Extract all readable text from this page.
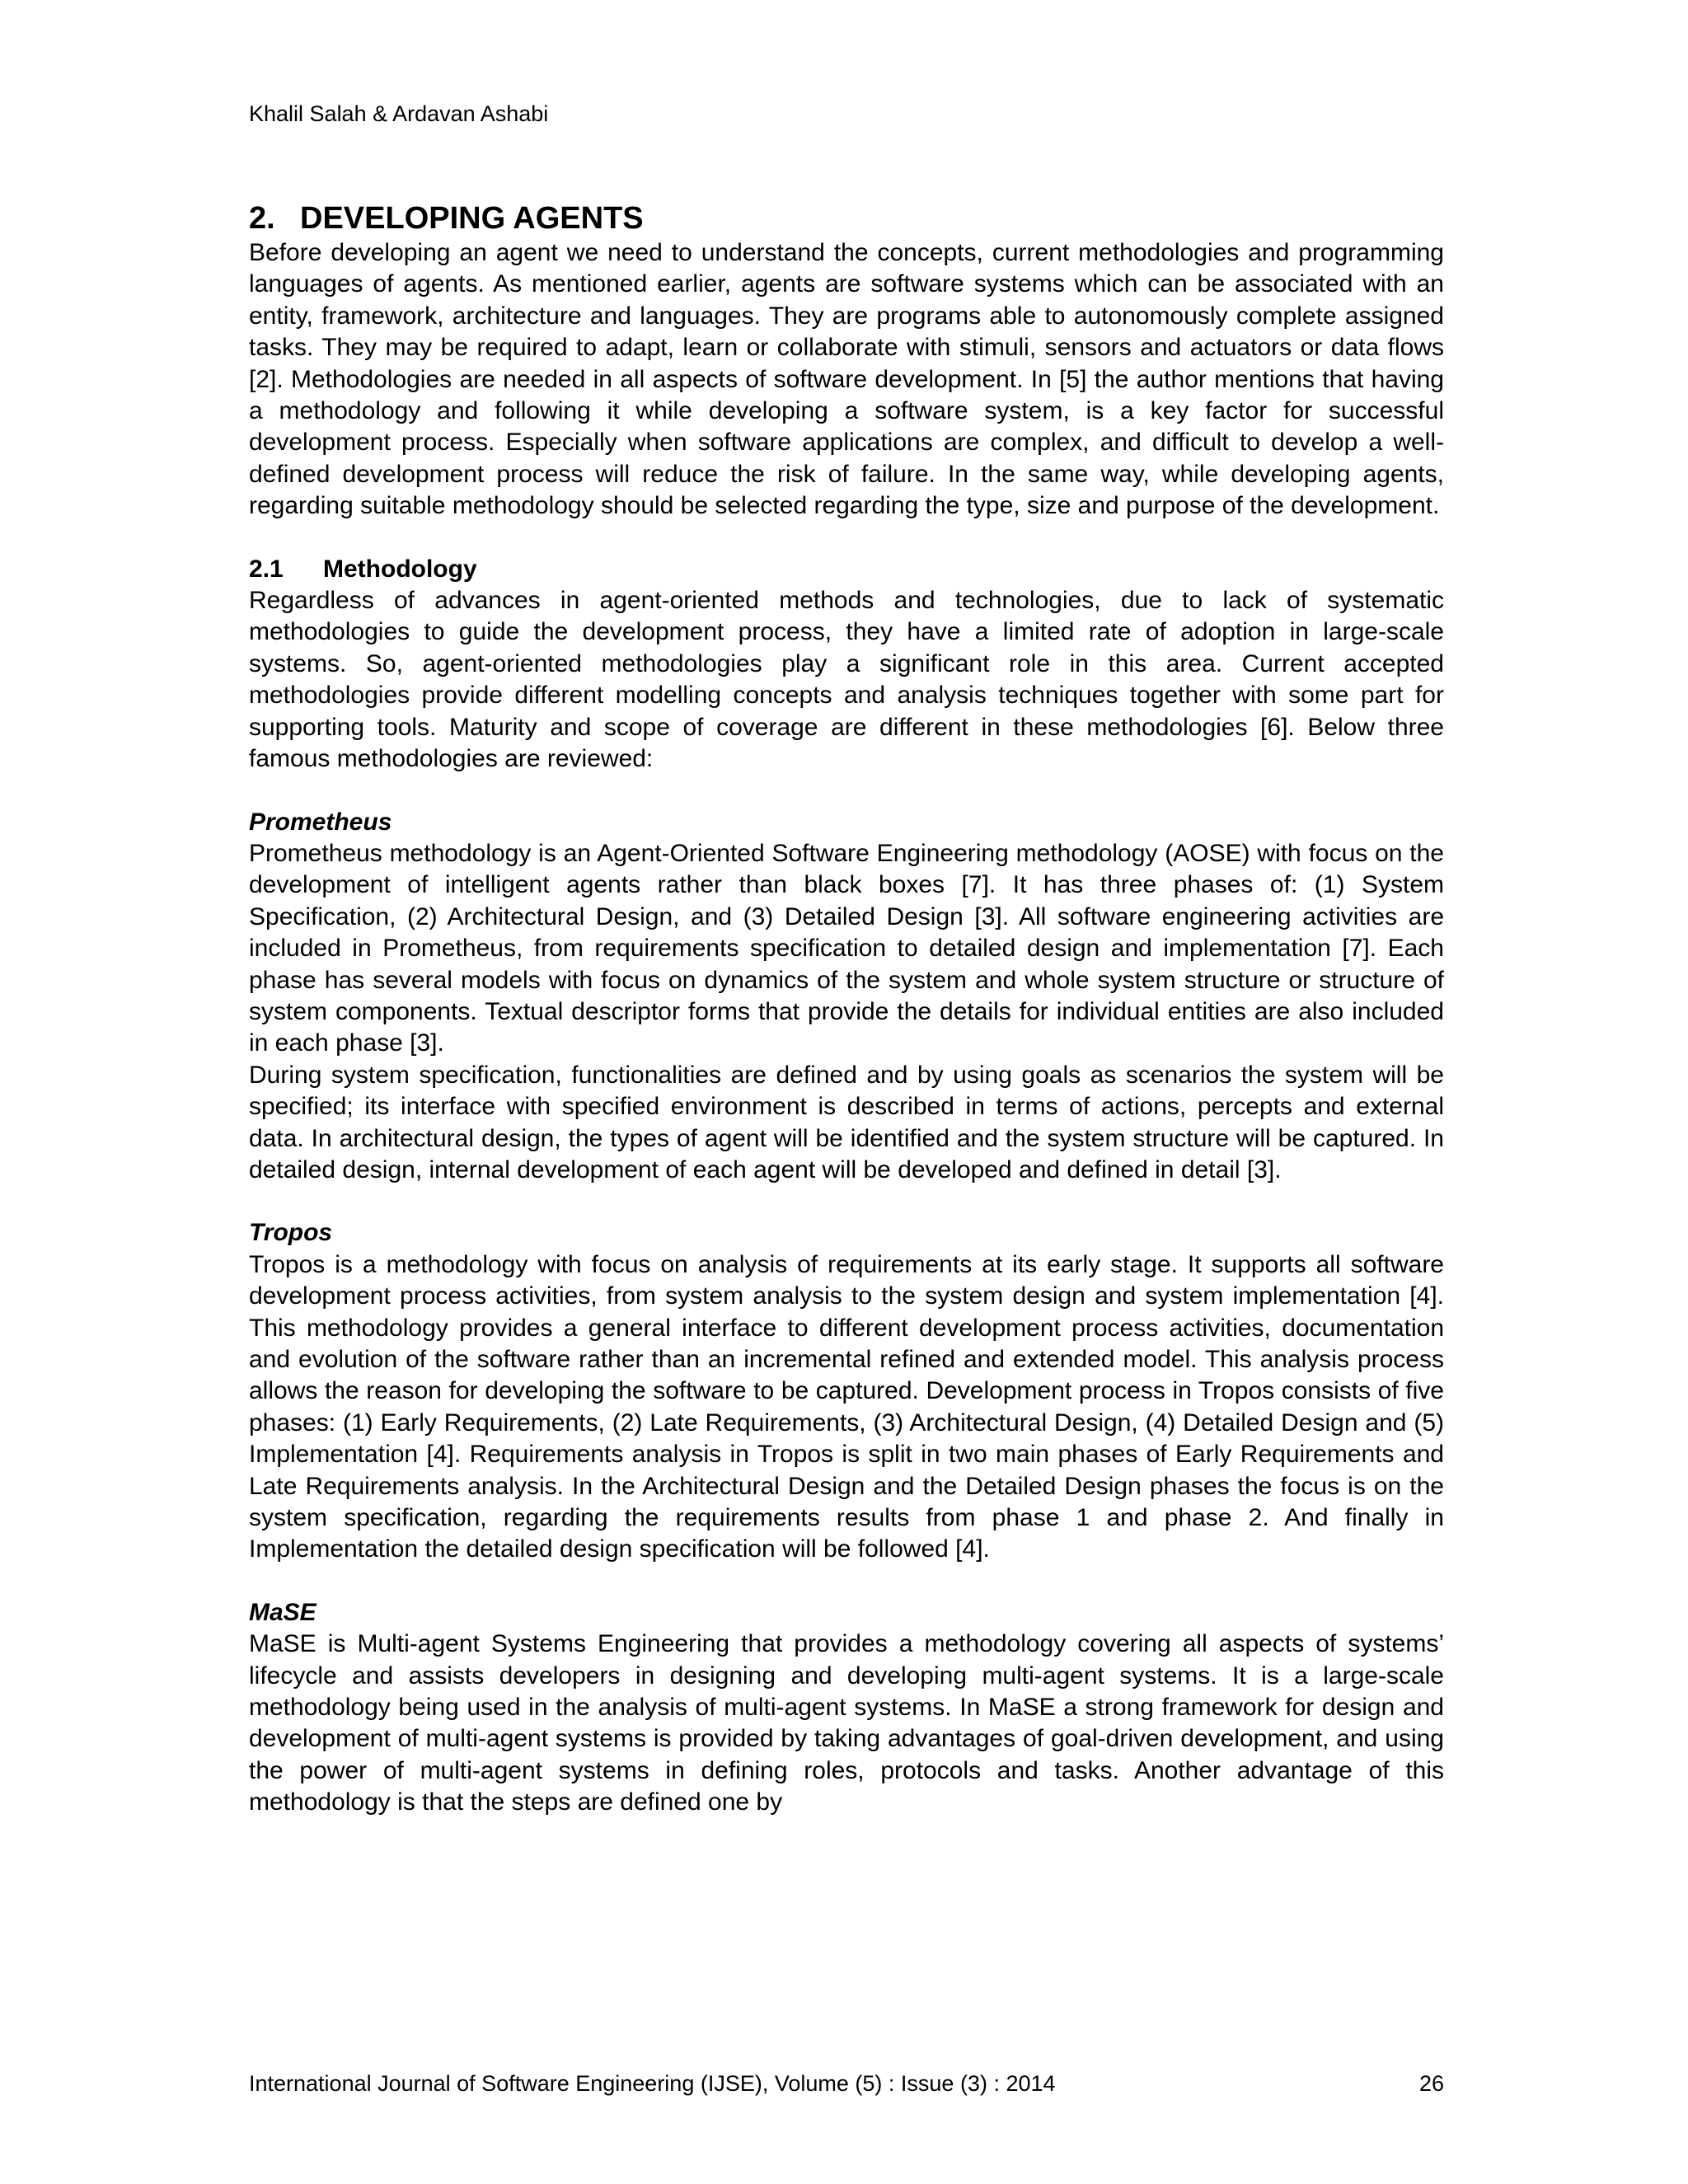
Khalil Salah & Ardavan Ashabi
2. DEVELOPING AGENTS

Before developing an agent we need to understand the concepts, current methodologies and programming languages of agents. As mentioned earlier, agents are software systems which can be associated with an entity, framework, architecture and languages. They are programs able to autonomously complete assigned tasks. They may be required to adapt, learn or collaborate with stimuli, sensors and actuators or data flows [2]. Methodologies are needed in all aspects of software development. In [5] the author mentions that having a methodology and following it while developing a software system, is a key factor for successful development process. Especially when software applications are complex, and difficult to develop a well-defined development process will reduce the risk of failure. In the same way, while developing agents, regarding suitable methodology should be selected regarding the type, size and purpose of the development.

2.1 Methodology

Regardless of advances in agent-oriented methods and technologies, due to lack of systematic methodologies to guide the development process, they have a limited rate of adoption in large-scale systems. So, agent-oriented methodologies play a significant role in this area. Current accepted methodologies provide different modelling concepts and analysis techniques together with some part for supporting tools. Maturity and scope of coverage are different in these methodologies [6]. Below three famous methodologies are reviewed:

Prometheus

Prometheus methodology is an Agent-Oriented Software Engineering methodology (AOSE) with focus on the development of intelligent agents rather than black boxes [7]. It has three phases of: (1) System Specification, (2) Architectural Design, and (3) Detailed Design [3]. All software engineering activities are included in Prometheus, from requirements specification to detailed design and implementation [7]. Each phase has several models with focus on dynamics of the system and whole system structure or structure of system components. Textual descriptor forms that provide the details for individual entities are also included in each phase [3].

During system specification, functionalities are defined and by using goals as scenarios the system will be specified; its interface with specified environment is described in terms of actions, percepts and external data. In architectural design, the types of agent will be identified and the system structure will be captured. In detailed design, internal development of each agent will be developed and defined in detail [3].

Tropos

Tropos is a methodology with focus on analysis of requirements at its early stage. It supports all software development process activities, from system analysis to the system design and system implementation [4]. This methodology provides a general interface to different development process activities, documentation and evolution of the software rather than an incremental refined and extended model. This analysis process allows the reason for developing the software to be captured. Development process in Tropos consists of five phases: (1) Early Requirements, (2) Late Requirements, (3) Architectural Design, (4) Detailed Design and (5) Implementation [4]. Requirements analysis in Tropos is split in two main phases of Early Requirements and Late Requirements analysis. In the Architectural Design and the Detailed Design phases the focus is on the system specification, regarding the requirements results from phase 1 and phase 2. And finally in Implementation the detailed design specification will be followed [4].

MaSE

MaSE is Multi-agent Systems Engineering that provides a methodology covering all aspects of systems’ lifecycle and assists developers in designing and developing multi-agent systems. It is a large-scale methodology being used in the analysis of multi-agent systems. In MaSE a strong framework for design and development of multi-agent systems is provided by taking advantages of goal-driven development, and using the power of multi-agent systems in defining roles, protocols and tasks. Another advantage of this methodology is that the steps are defined one by

International Journal of Software Engineering (IJSE), Volume (5) : Issue (3) : 2014	26
